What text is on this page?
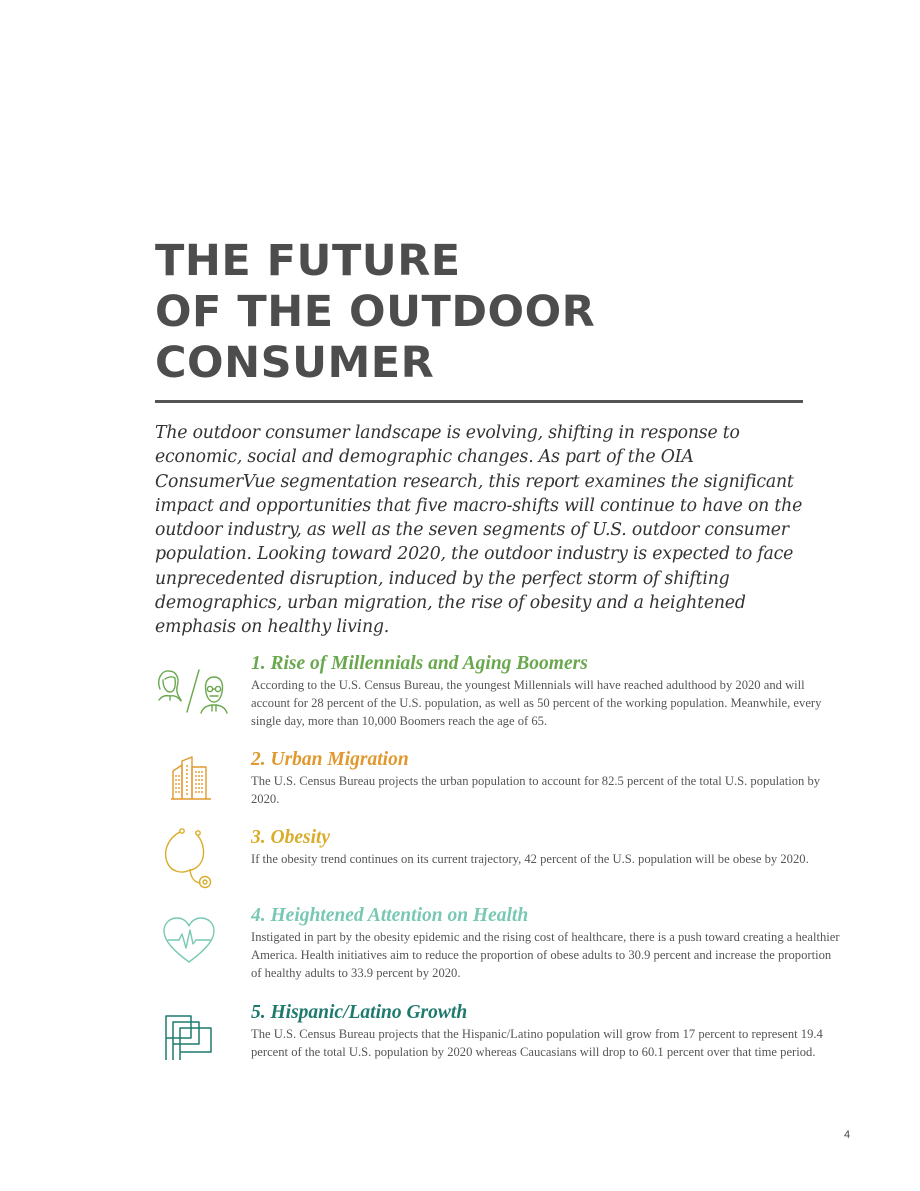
THE FUTURE
OF THE OUTDOOR
CONSUMER

The outdoor consumer landscape is evolving, shifting in response to economic, social and demographic changes. As part of the OIA ConsumerVue segmentation research, this report examines the significant impact and opportunities that five macro-shifts will continue to have on the outdoor industry, as well as the seven segments of U.S. outdoor consumer population. Looking toward 2020, the outdoor industry is expected to face unprecedented disruption, induced by the perfect storm of shifting demographics, urban migration, the rise of obesity and a heightened emphasis on healthy living.

1. Rise of Millennials and Aging Boomers

According to the U.S. Census Bureau, the youngest Millennials will have reached adulthood by 2020 and will account for 28 percent of the U.S. population, as well as 50 percent of the working population. Meanwhile, every single day, more than 10,000 Boomers reach the age of 65.

2. Urban Migration

The U.S. Census Bureau projects the urban population to account for 82.5 percent of the total U.S. population by 2020.

3. Obesity

If the obesity trend continues on its current trajectory, 42 percent of the U.S. population will be obese by 2020.

4. Heightened Attention on Health

Instigated in part by the obesity epidemic and the rising cost of healthcare, there is a push toward creating a healthier America. Health initiatives aim to reduce the proportion of obese adults to 30.9 percent and increase the proportion of healthy adults to 33.9 percent by 2020.

5. Hispanic/Latino Growth

The U.S. Census Bureau projects that the Hispanic/Latino population will grow from 17 percent to represent 19.4 percent of the total U.S. population by 2020 whereas Caucasians will drop to 60.1 percent over that time period.

4
